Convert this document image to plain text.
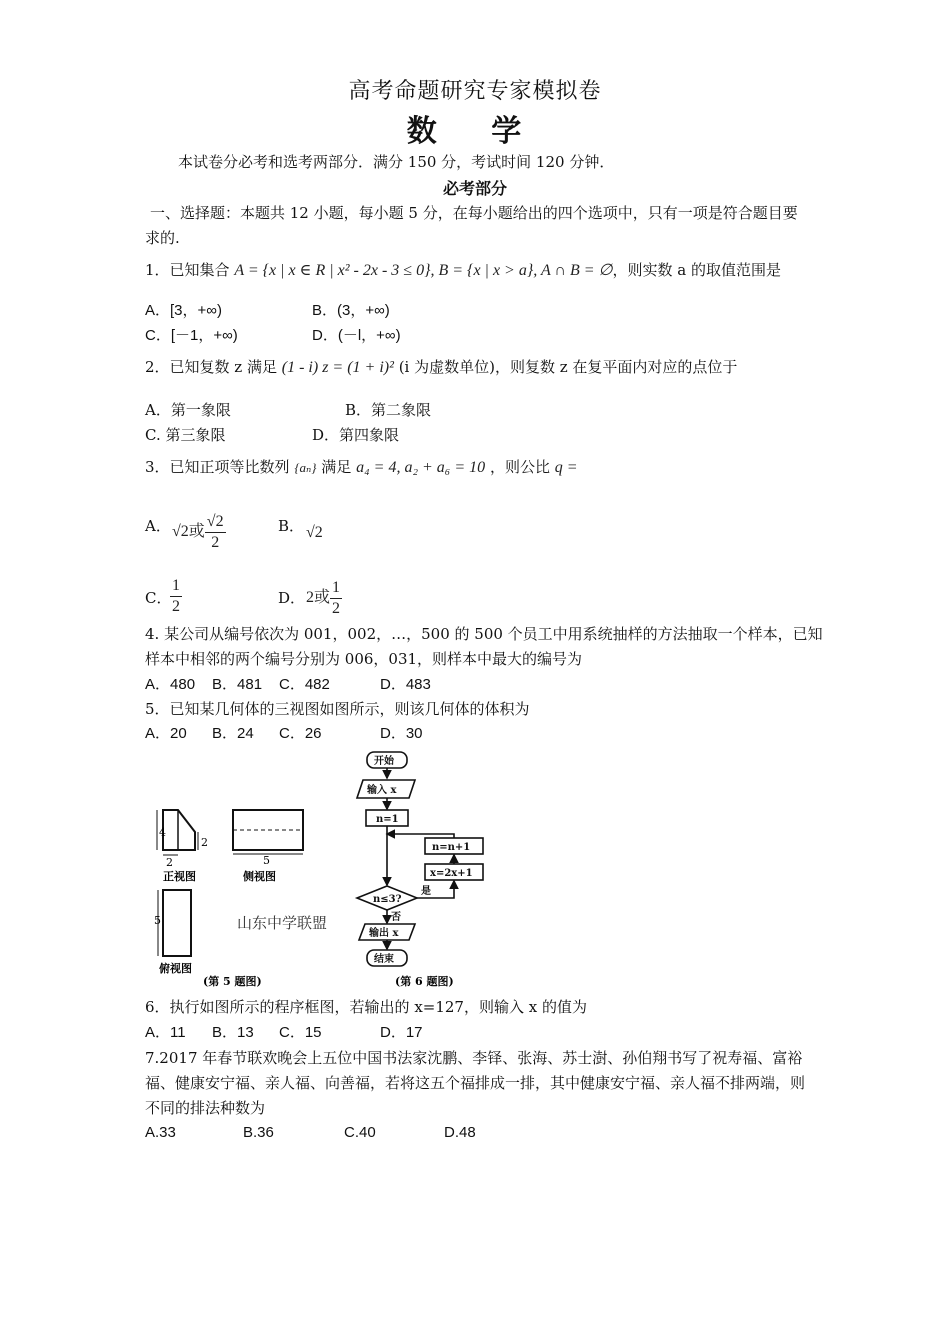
高考命题研究专家模拟卷
数 学
本试卷分必考和选考两部分．满分 150 分，考试时间 120 分钟．
必考部分
一、选择题：本题共 12 小题，每小题 5 分，在每小题给出的四个选项中，只有一项是符合题目要
求的.
1．已知集合 A = {x | x ∈ R | x² - 2x - 3 ≤ 0}, B = {x | x > a}, A ∩ B = ∅，则实数 a 的取值范围是
A．[3，+∞)	B．(3，+∞)
C．[－1，+∞)	D．(－l，+∞)
2．已知复数 z 满足 (1 - i) z = (1 + i)² (i 为虚数单位)，则复数 z 在复平面内对应的点位于
A．第一象限	B．第二象限
C. 第三象限	D．第四象限
3．已知正项等比数列 {aₙ} 满足 a₄ = 4, a₂ + a₆ = 10 ，则公比 q =
A． √2或 $\frac{√2}{2}$	B． √2
C．
$\frac{1}{2}$	D． 2或 $\frac{1}{2}$
4. 某公司从编号依次为 001，002，…，500 的 500 个员工中用系统抽样的方法抽取一个样本，已知
样本中相邻的两个编号分别为 006，031，则样本中最大的编号为
A．480 B．481 C．482	D．483
5．已知某几何体的三视图如图所示，则该几何体的体积为
A．20 B．24 C．26	D．30
4
2
2
正视图
5
侧视图
5
俯视图
山东中学联盟
(第 5 题图)	(第 6 题图)
开始
输入 x
n=1
n=n+1
x=2x+1
n≤3?
是
否
输出 x
结束
6．执行如图所示的程序框图，若输出的 x=127，则输入 x 的值为
A．11 B．13 C．15	D．17
7.2017 年春节联欢晚会上五位中国书法家沈鹏、李铎、张海、苏士澍、孙伯翔书写了祝寿福、富裕
福、健康安宁福、亲人福、向善福，若将这五个福排成一排，其中健康安宁福、亲人福不排两端，则
不同的排法种数为
A.33	B.36	C.40	D.48
